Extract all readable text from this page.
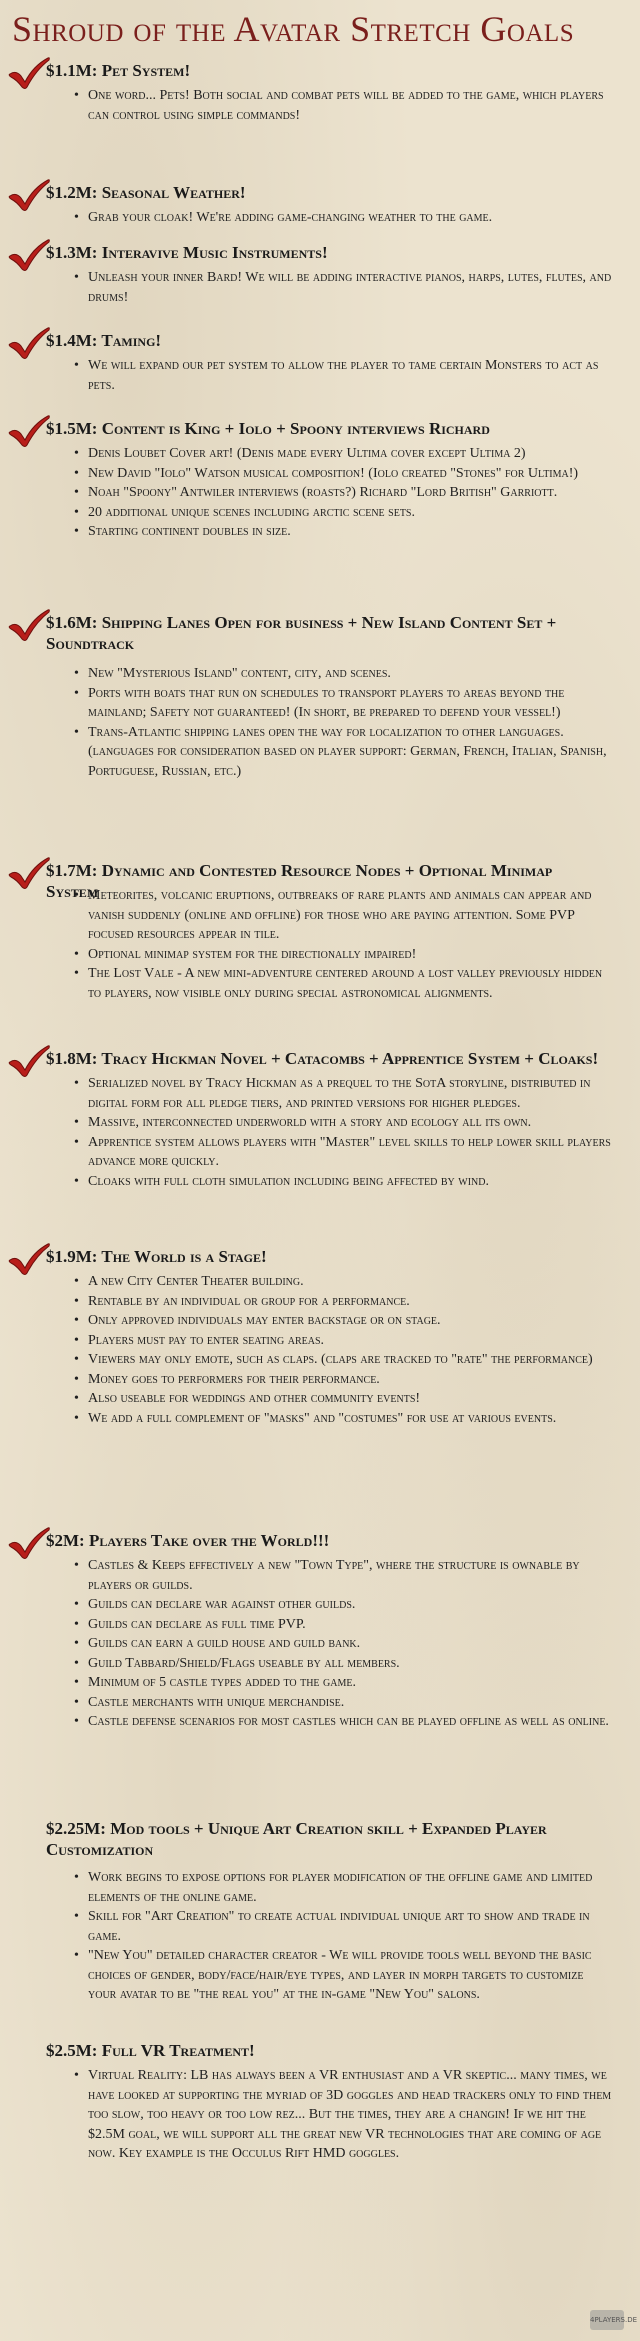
Shroud of the Avatar Stretch Goals
$1.1M: Pet System!
• One word... Pets! Both social and combat pets will be added to the game, which players can control using simple commands!
$1.2M: Seasonal Weather!
• Grab your cloak! We're adding game-changing weather to the game.
$1.3M: Interavive Music Instruments!
• Unleash your inner Bard! We will be adding interactive pianos, harps, lutes, flutes, and drums!
$1.4M: Taming!
• We will expand our pet system to allow the player to tame certain Monsters to act as pets.
$1.5M: Content is King + Iolo + Spoony interviews Richard
• Denis Loubet Cover art! (Denis made every Ultima cover except Ultima 2)
• New David "Iolo" Watson musical composition! (Iolo created "Stones" for Ultima!)
• Noah "Spoony" Antwiler interviews (roasts?) Richard "Lord British" Garriott.
• 20 additional unique scenes including arctic scene sets.
• Starting continent doubles in size.
$1.6M: Shipping Lanes Open for business + New Island Content Set + Soundtrack
• New "Mysterious Island" content, city, and scenes.
• Ports with boats that run on schedules to transport players to areas beyond the mainland; Safety not guaranteed! (In short, be prepared to defend your vessel!)
• Trans-Atlantic shipping lanes open the way for localization to other languages. (languages for consideration based on player support: German, French, Italian, Spanish, Portuguese, Russian, etc.)
$1.7M: Dynamic and Contested Resource Nodes + Optional Minimap System
• Meteorites, volcanic eruptions, outbreaks of rare plants and animals can appear and vanish suddenly (online and offline) for those who are paying attention. Some PVP focused resources appear in tile.
• Optional minimap system for the directionally impaired!
• The Lost Vale - A new mini-adventure centered around a lost valley previously hidden to players, now visible only during special astronomical alignments.
$1.8M: Tracy Hickman Novel + Catacombs + Apprentice System + Cloaks!
• Serialized novel by Tracy Hickman as a prequel to the SotA storyline, distributed in digital form for all pledge tiers, and printed versions for higher pledges.
• Massive, interconnected underworld with a story and ecology all its own.
• Apprentice system allows players with "Master" level skills to help lower skill players advance more quickly.
• Cloaks with full cloth simulation including being affected by wind.
$1.9M: The World is a Stage!
• A new City Center Theater building.
• Rentable by an individual or group for a performance.
• Only approved individuals may enter backstage or on stage.
• Players must pay to enter seating areas.
• Viewers may only emote, such as claps. (claps are tracked to "rate" the performance)
• Money goes to performers for their performance.
• Also useable for weddings and other community events!
• We add a full complement of "masks" and "costumes" for use at various events.
$2M: Players Take over the World!!!
• Castles & Keeps effectively a new "Town Type", where the structure is ownable by players or guilds.
• Guilds can declare war against other guilds.
• Guilds can declare as full time PVP.
• Guilds can earn a guild house and guild bank.
• Guild Tabbard/Shield/Flags useable by all members.
• Minimum of 5 castle types added to the game.
• Castle merchants with unique merchandise.
• Castle defense scenarios for most castles which can be played offline as well as online.
$2.25M: Mod tools + Unique Art Creation skill + Expanded Player Customization
• Work begins to expose options for player modification of the offline game and limited elements of the online game.
• Skill for "Art Creation" to create actual individual unique art to show and trade in game.
• "New You" detailed character creator - We will provide tools well beyond the basic choices of gender, body/face/hair/eye types, and layer in morph targets to customize your avatar to be "the real you" at the in-game "New You" salons.
$2.5M: Full VR Treatment!
• Virtual Reality: LB has always been a VR enthusiast and a VR skeptic... many times, we have looked at supporting the myriad of 3D goggles and head trackers only to find them too slow, too heavy or too low rez... But the times, they are a changin! If we hit the $2.5M goal, we will support all the great new VR technologies that are coming of age now. Key example is the Occulus Rift HMD goggles.
4PLAYERS.DE
